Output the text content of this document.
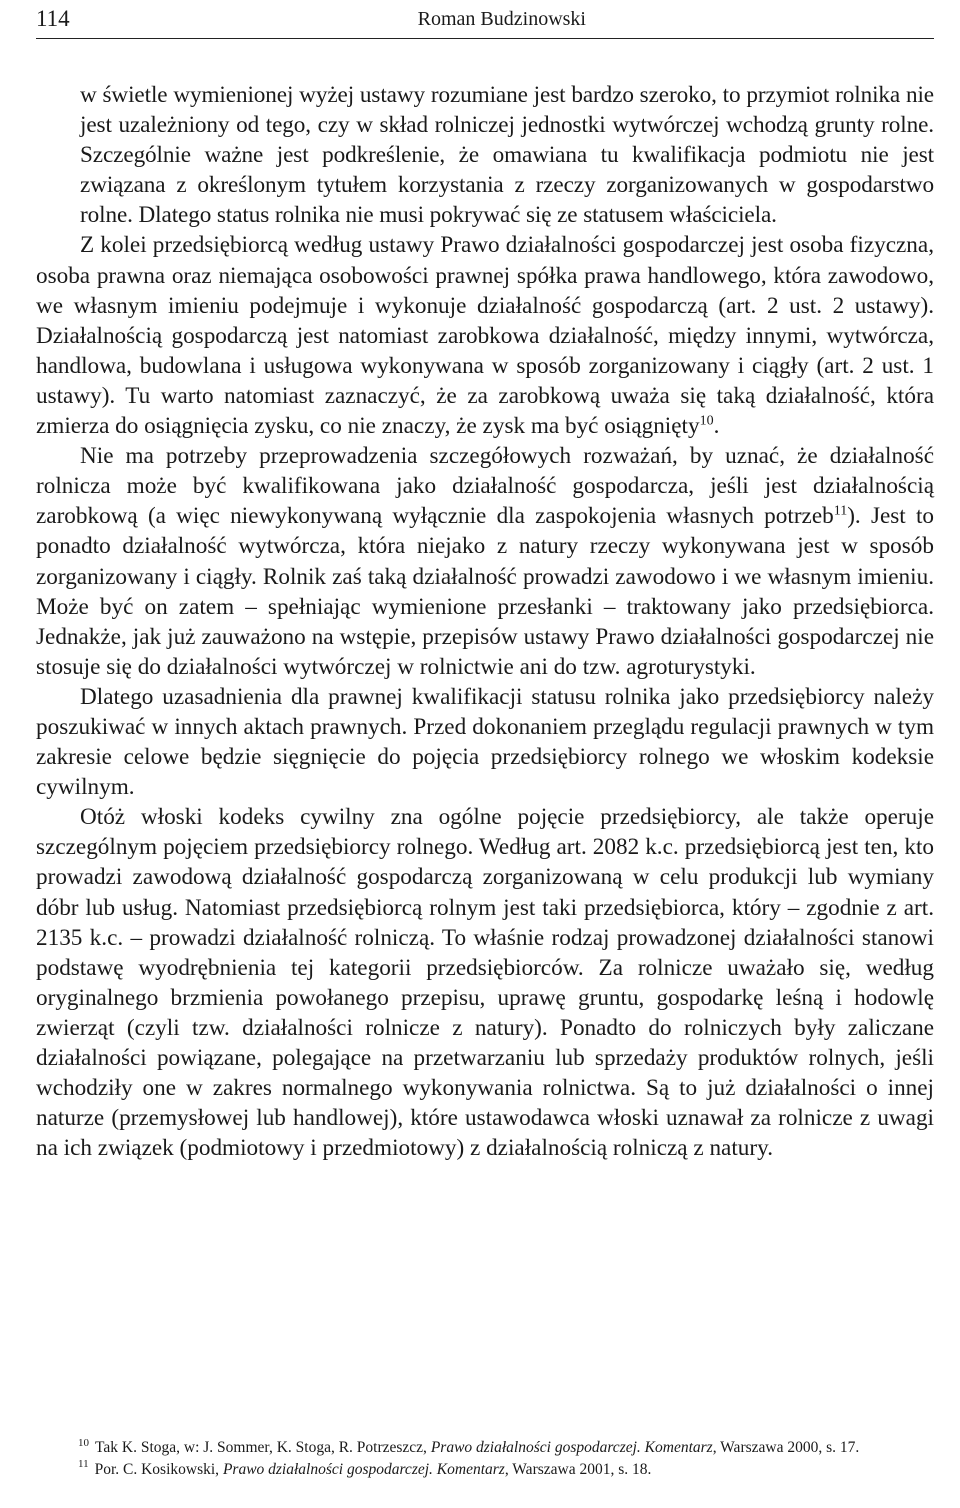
114	Roman Budzinowski

w świetle wymienionej wyżej ustawy rozumiane jest bardzo szeroko, to przymiot rolnika nie jest uzależniony od tego, czy w skład rolniczej jednostki wytwórczej wchodzą grunty rolne. Szczególnie ważne jest podkreślenie, że omawiana tu kwalifikacja podmiotu nie jest związana z określonym tytułem korzystania z rzeczy zorganizowanych w gospodarstwo rolne. Dlatego status rolnika nie musi pokrywać się ze statusem właściciela.

Z kolei przedsiębiorcą według ustawy Prawo działalności gospodarczej jest osoba fizyczna, osoba prawna oraz niemająca osobowości prawnej spółka prawa handlowego, która zawodowo, we własnym imieniu podejmuje i wykonuje działalność gospodarczą (art. 2 ust. 2 ustawy). Działalnością gospodarczą jest natomiast zarobkowa działalność, między innymi, wytwórcza, handlowa, budowlana i usługowa wykonywana w sposób zorganizowany i ciągły (art. 2 ust. 1 ustawy). Tu warto natomiast zaznaczyć, że za zarobkową uważa się taką działalność, która zmierza do osiągnięcia zysku, co nie znaczy, że zysk ma być osiągnięty$^{10}$.

Nie ma potrzeby przeprowadzenia szczegółowych rozważań, by uznać, że działalność rolnicza może być kwalifikowana jako działalność gospodarcza, jeśli jest działalnością zarobkową (a więc niewykonywaną wyłącznie dla zaspokojenia własnych potrzeb$^{11}$). Jest to ponadto działalność wytwórcza, która niejako z natury rzeczy wykonywana jest w sposób zorganizowany i ciągły. Rolnik zaś taką działalność prowadzi zawodowo i we własnym imieniu. Może być on zatem – spełniając wymienione przesłanki – traktowany jako przedsiębiorca. Jednakże, jak już zauważono na wstępie, przepisów ustawy Prawo działalności gospodarczej nie stosuje się do działalności wytwórczej w rolnictwie ani do tzw. agroturystyki.

Dlatego uzasadnienia dla prawnej kwalifikacji statusu rolnika jako przedsiębiorcy należy poszukiwać w innych aktach prawnych. Przed dokonaniem przeglądu regulacji prawnych w tym zakresie celowe będzie sięgnięcie do pojęcia przedsiębiorcy rolnego we włoskim kodeksie cywilnym.

Otóż włoski kodeks cywilny zna ogólne pojęcie przedsiębiorcy, ale także operuje szczególnym pojęciem przedsiębiorcy rolnego. Według art. 2082 k.c. przedsiębiorcą jest ten, kto prowadzi zawodową działalność gospodarczą zorganizowaną w celu produkcji lub wymiany dóbr lub usług. Natomiast przedsiębiorcą rolnym jest taki przedsiębiorca, który – zgodnie z art. 2135 k.c. – prowadzi działalność rolniczą. To właśnie rodzaj prowadzonej działalności stanowi podstawę wyodrębnienia tej kategorii przedsiębiorców. Za rolnicze uważało się, według oryginalnego brzmienia powołanego przepisu, uprawę gruntu, gospodarkę leśną i hodowlę zwierząt (czyli tzw. działalności rolnicze z natury). Ponadto do rolniczych były zaliczane działalności powiązane, polegające na przetwarzaniu lub sprzedaży produktów rolnych, jeśli wchodziły one w zakres normalnego wykonywania rolnictwa. Są to już działalności o innej naturze (przemysłowej lub handlowej), które ustawodawca włoski uznawał za rolnicze z uwagi na ich związek (podmiotowy i przedmiotowy) z działalnością rolniczą z natury.

$^{10}$ Tak K. Stoga, w: J. Sommer, K. Stoga, R. Potrzeszcz, Prawo działalności gospodarczej. Komentarz, Warszawa 2000, s. 17.

$^{11}$ Por. C. Kosikowski, Prawo działalności gospodarczej. Komentarz, Warszawa 2001, s. 18.
